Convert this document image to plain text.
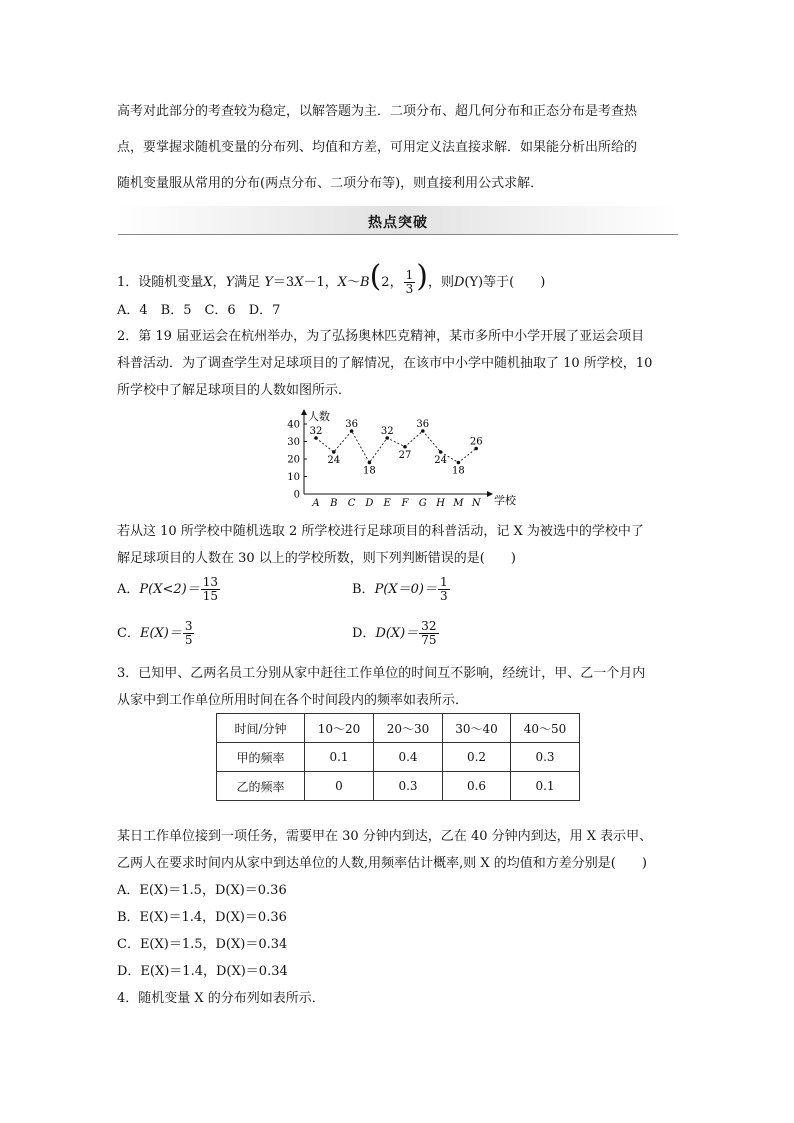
高考对此部分的考查较为稳定，以解答题为主．二项分布、超几何分布和正态分布是考查热
点，要掌握求随机变量的分布列、均值和方差，可用定义法直接求解．如果能分析出所给的
随机变量服从常用的分布(两点分布、二项分布等)，则直接利用公式求解．
热点突破
1．设随机变量X，Y满足 Y＝3X－1，X～B(2， $\frac{1}{3}$ )，则D(Y)等于(　　)
A．4　B．5　C．6　D．7
2．第 19 届亚运会在杭州举办，为了弘扬奥林匹克精神，某市多所中小学开展了亚运会项目
科普活动．为了调查学生对足球项目的了解情况，在该市中小学中随机抽取了 10 所学校，10
所学校中了解足球项目的人数如图所示．
0
10
20
30
40
人数
学校
32
A
24
B
36
C
18
D
32
E
27
F
36
G
24
H
18
M
26
N
若从这 10 所学校中随机选取 2 所学校进行足球项目的科普活动，记 X 为被选中的学校中了
解足球项目的人数在 30 以上的学校所数，则下列判断错误的是(　　)
A．$P(X<2)= \frac{13}{15}$	B．$P(X=0)= \frac{1}{3}$
C．$E(X)= \frac{3}{5}$	D．$D(X)= \frac{32}{75}$
3．已知甲、乙两名员工分别从家中赶往工作单位的时间互不影响，经统计，甲、乙一个月内
从家中到工作单位所用时间在各个时间段内的频率如表所示．
时间/分钟	10～20	20～30	30～40	40～50
甲的频率	0.1	0.4	0.2	0.3
乙的频率	0	0.3	0.6	0.1
某日工作单位接到一项任务，需要甲在 30 分钟内到达，乙在 40 分钟内到达，用 X 表示甲、
乙两人在要求时间内从家中到达单位的人数,用频率估计概率,则 X 的均值和方差分别是(　　)
A．E(X)＝1.5，D(X)＝0.36
B．E(X)＝1.4，D(X)＝0.36
C．E(X)＝1.5，D(X)＝0.34
D．E(X)＝1.4，D(X)＝0.34
4．随机变量 X 的分布列如表所示．
